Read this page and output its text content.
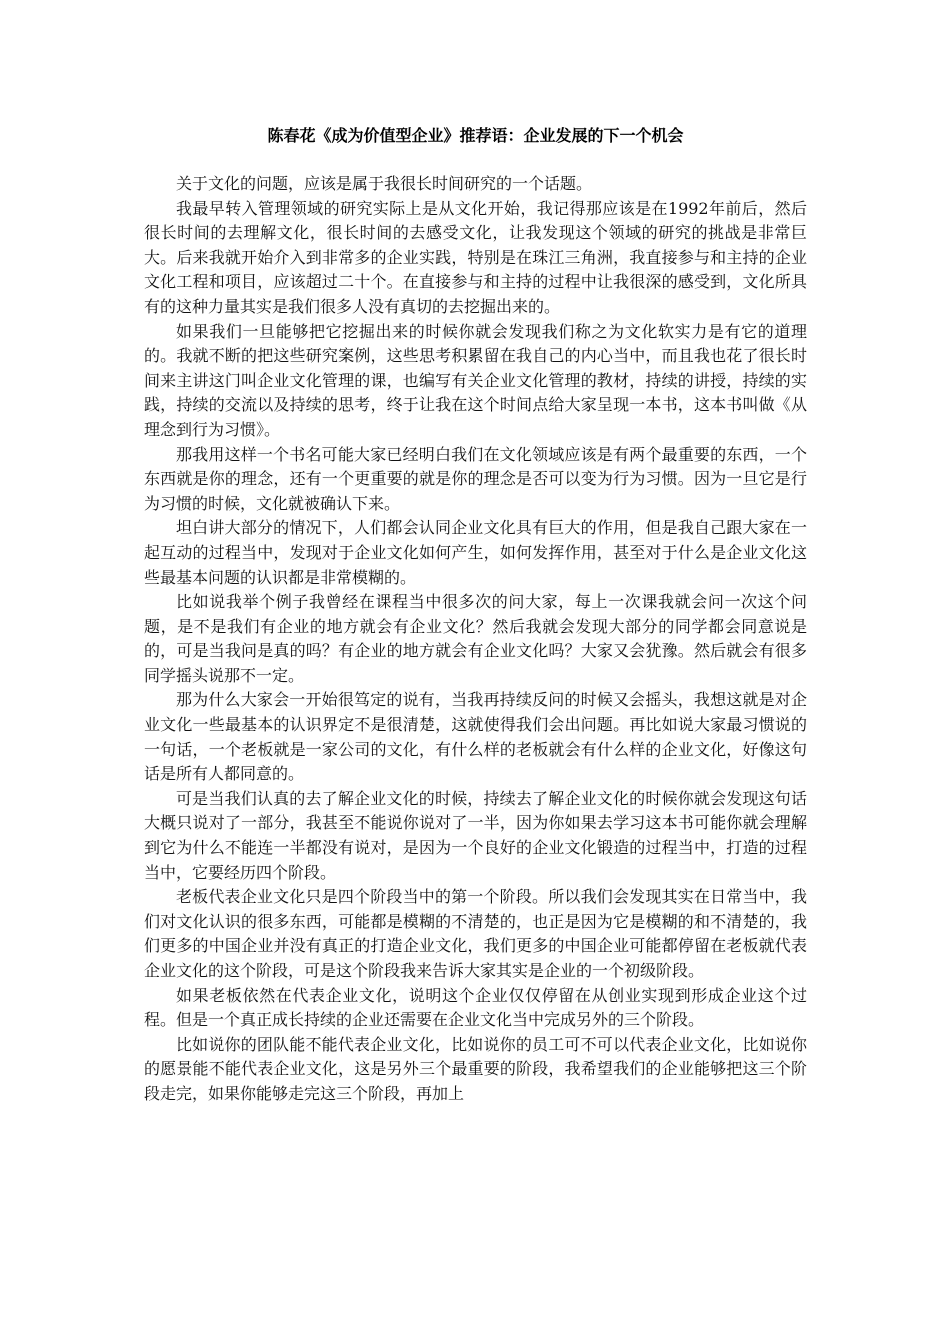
陈春花《成为价值型企业》推荐语：企业发展的下一个机会

关于文化的问题，应该是属于我很长时间研究的一个话题。

我最早转入管理领域的研究实际上是从文化开始，我记得那应该是在1992年前后，然后很长时间的去理解文化，很长时间的去感受文化，让我发现这个领域的研究的挑战是非常巨大。后来我就开始介入到非常多的企业实践，特别是在珠江三角洲，我直接参与和主持的企业文化工程和项目，应该超过二十个。在直接参与和主持的过程中让我很深的感受到，文化所具有的这种力量其实是我们很多人没有真切的去挖掘出来的。

如果我们一旦能够把它挖掘出来的时候你就会发现我们称之为文化软实力是有它的道理的。我就不断的把这些研究案例，这些思考积累留在我自己的内心当中，而且我也花了很长时间来主讲这门叫企业文化管理的课，也编写有关企业文化管理的教材，持续的讲授，持续的实践，持续的交流以及持续的思考，终于让我在这个时间点给大家呈现一本书，这本书叫做《从理念到行为习惯》。

那我用这样一个书名可能大家已经明白我们在文化领域应该是有两个最重要的东西，一个东西就是你的理念，还有一个更重要的就是你的理念是否可以变为行为习惯。因为一旦它是行为习惯的时候，文化就被确认下来。

坦白讲大部分的情况下，人们都会认同企业文化具有巨大的作用，但是我自己跟大家在一起互动的过程当中，发现对于企业文化如何产生，如何发挥作用，甚至对于什么是企业文化这些最基本问题的认识都是非常模糊的。

比如说我举个例子我曾经在课程当中很多次的问大家，每上一次课我就会问一次这个问题，是不是我们有企业的地方就会有企业文化？然后我就会发现大部分的同学都会同意说是的，可是当我问是真的吗？有企业的地方就会有企业文化吗？大家又会犹豫。然后就会有很多同学摇头说那不一定。

那为什么大家会一开始很笃定的说有，当我再持续反问的时候又会摇头，我想这就是对企业文化一些最基本的认识界定不是很清楚，这就使得我们会出问题。再比如说大家最习惯说的一句话，一个老板就是一家公司的文化，有什么样的老板就会有什么样的企业文化，好像这句话是所有人都同意的。

可是当我们认真的去了解企业文化的时候，持续去了解企业文化的时候你就会发现这句话大概只说对了一部分，我甚至不能说你说对了一半，因为你如果去学习这本书可能你就会理解到它为什么不能连一半都没有说对，是因为一个良好的企业文化锻造的过程当中，打造的过程当中，它要经历四个阶段。

老板代表企业文化只是四个阶段当中的第一个阶段。所以我们会发现其实在日常当中，我们对文化认识的很多东西，可能都是模糊的不清楚的，也正是因为它是模糊的和不清楚的，我们更多的中国企业并没有真正的打造企业文化，我们更多的中国企业可能都停留在老板就代表企业文化的这个阶段，可是这个阶段我来告诉大家其实是企业的一个初级阶段。

如果老板依然在代表企业文化，说明这个企业仅仅停留在从创业实现到形成企业这个过程。但是一个真正成长持续的企业还需要在企业文化当中完成另外的三个阶段。

比如说你的团队能不能代表企业文化，比如说你的员工可不可以代表企业文化，比如说你的愿景能不能代表企业文化，这是另外三个最重要的阶段，我希望我们的企业能够把这三个阶段走完，如果你能够走完这三个阶段，再加上
